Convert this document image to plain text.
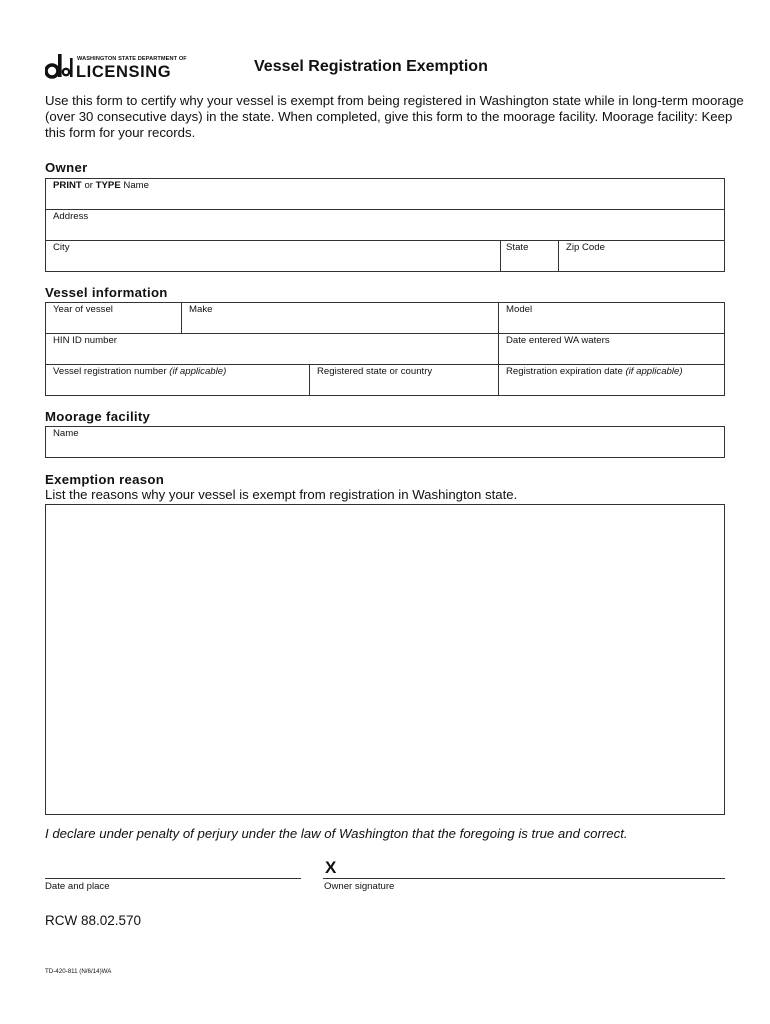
WASHINGTON STATE DEPARTMENT OF
LICENSING	Vessel Registration Exemption
Use this form to certify why your vessel is exempt from being registered in Washington state while in long-term moorage (over 30 consecutive days) in the state. When completed, give this form to the moorage facility. Moorage facility: Keep this form for your records.
Owner
PRINT or TYPE Name
Address
City	State	Zip Code
Vessel information
Year of vessel	Make	Model
HIN ID number	Date entered WA waters
Vessel registration number (if applicable)	Registered state or country	Registration expiration date (if applicable)
Moorage facility
Name
Exemption reason
List the reasons why your vessel is exempt from registration in Washington state.
I declare under penalty of perjury under the law of Washington that the foregoing is true and correct.
X
Date and place	Owner signature
RCW 88.02.570
TD-420-811 (N/6/14)WA
